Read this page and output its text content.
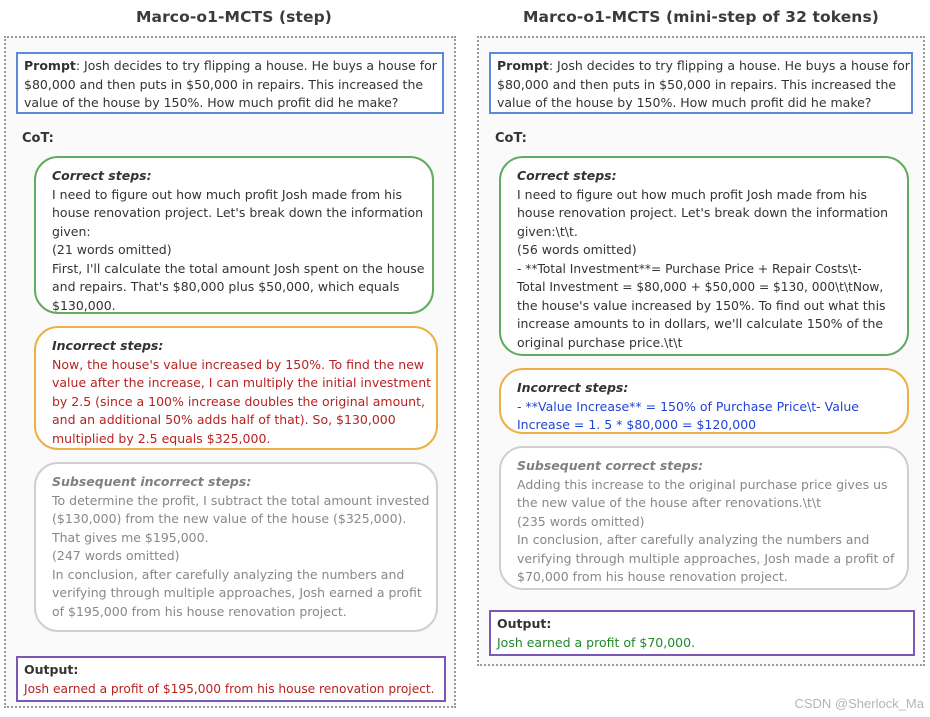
Marco-o1-MCTS (step)
Prompt: Josh decides to try flipping a house. He buys a house for
$80,000 and then puts in $50,000 in repairs. This increased the
value of the house by 150%. How much profit did he make?
CoT:
Correct steps:
I need to figure out how much profit Josh made from his
house renovation project. Let's break down the information
given:
(21 words omitted)
First, I'll calculate the total amount Josh spent on the house
and repairs. That's $80,000 plus $50,000, which equals
$130,000.
Incorrect steps:
Now, the house's value increased by 150%. To find the new
value after the increase, I can multiply the initial investment
by 2.5 (since a 100% increase doubles the original amount,
and an additional 50% adds half of that). So, $130,000
multiplied by 2.5 equals $325,000.
Subsequent incorrect steps:
To determine the profit, I subtract the total amount invested
($130,000) from the new value of the house ($325,000).
That gives me $195,000.
(247 words omitted)
In conclusion, after carefully analyzing the numbers and
verifying through multiple approaches, Josh earned a profit
of $195,000 from his house renovation project.
Output:
Josh earned a profit of $195,000 from his house renovation project.
Marco-o1-MCTS (mini-step of 32 tokens)
Prompt: Josh decides to try flipping a house. He buys a house for
$80,000 and then puts in $50,000 in repairs. This increased the
value of the house by 150%. How much profit did he make?
CoT:
Correct steps:
I need to figure out how much profit Josh made from his
house renovation project. Let's break down the information
given:\t\t.
(56 words omitted)
- **Total Investment**= Purchase Price + Repair Costs\t-
Total Investment = $80,000 + $50,000 = $130, 000\t\tNow,
the house's value increased by 150%. To find out what this
increase amounts to in dollars, we'll calculate 150% of the
original purchase price.\t\t
Incorrect steps:
- **Value Increase** = 150% of Purchase Price\t- Value
Increase = 1. 5 * $80,000 = $120,000
Subsequent correct steps:
Adding this increase to the original purchase price gives us
the new value of the house after renovations.\t\t
(235 words omitted)
In conclusion, after carefully analyzing the numbers and
verifying through multiple approaches, Josh made a profit of
$70,000 from his house renovation project.
Output:
Josh earned a profit of $70,000.
CSDN @Sherlock_Ma
